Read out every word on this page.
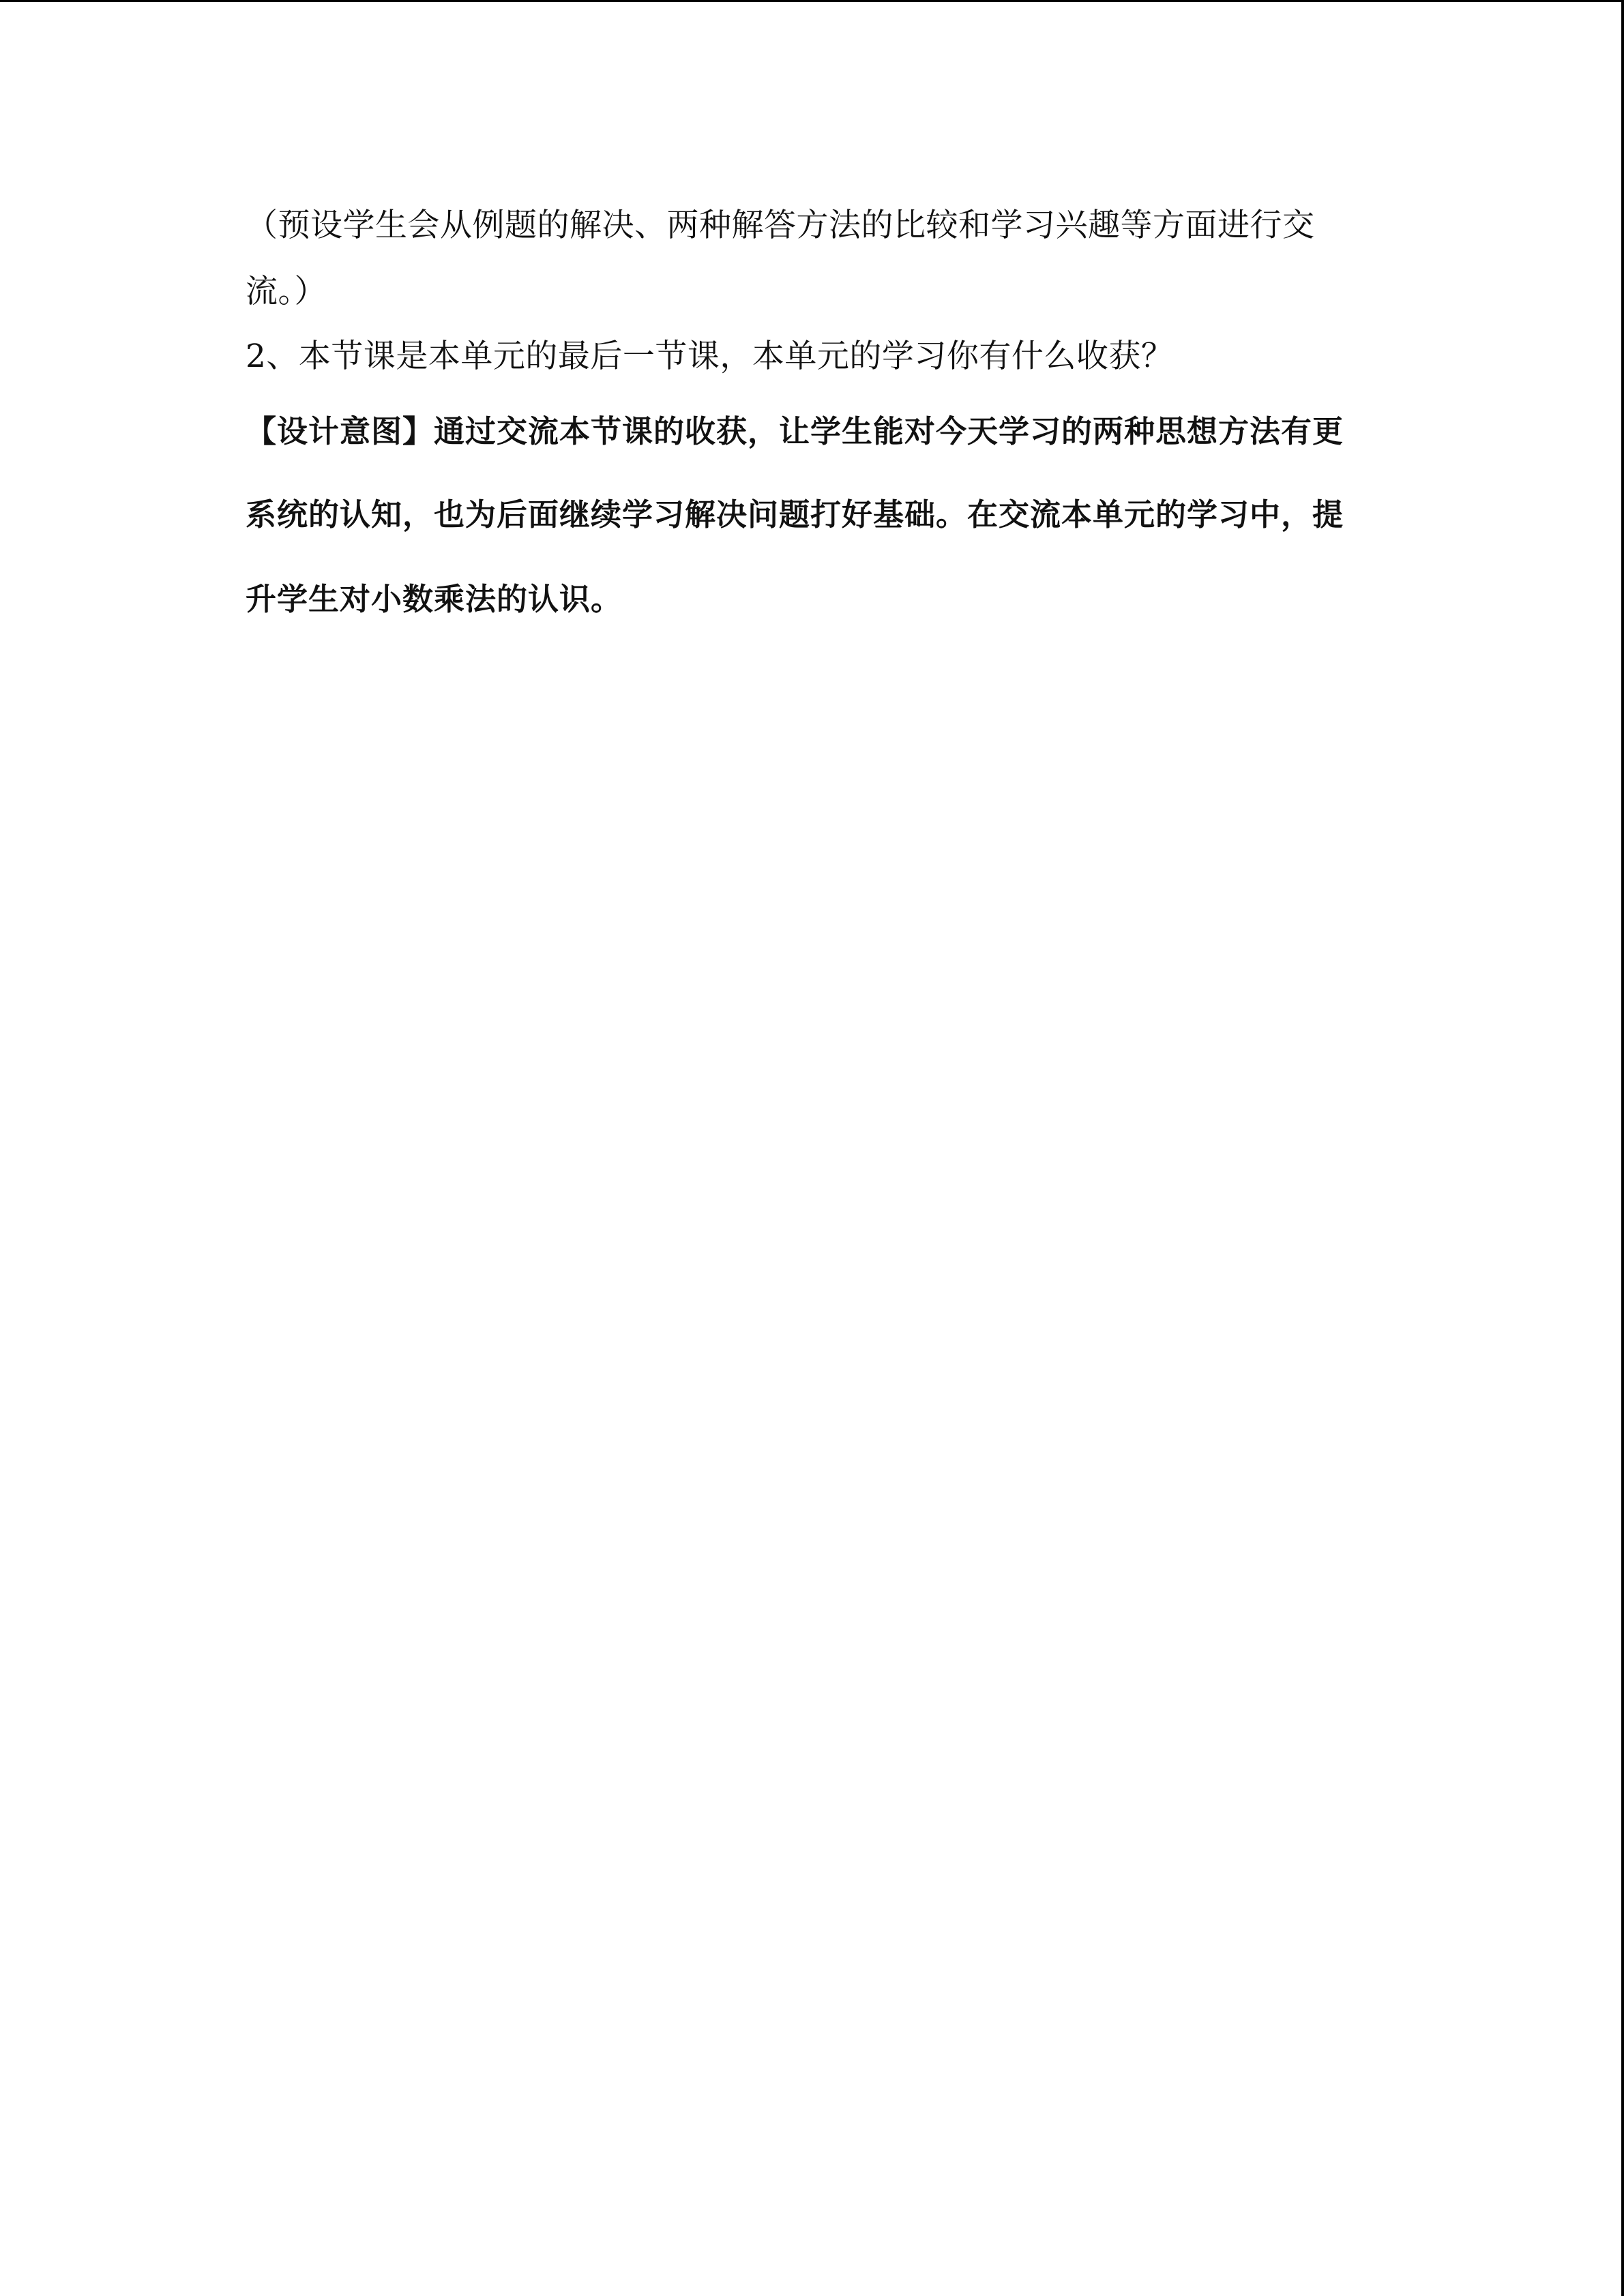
（预设学生会从例题的解决、两种解答方法的比较和学习兴趣等方面进行交

流。）

2、本节课是本单元的最后一节课，本单元的学习你有什么收获？

【设计意图】通过交流本节课的收获，让学生能对今天学习的两种思想方法有更
系统的认知，也为后面继续学习解决问题打好基础。在交流本单元的学习中，提
升学生对小数乘法的认识。
